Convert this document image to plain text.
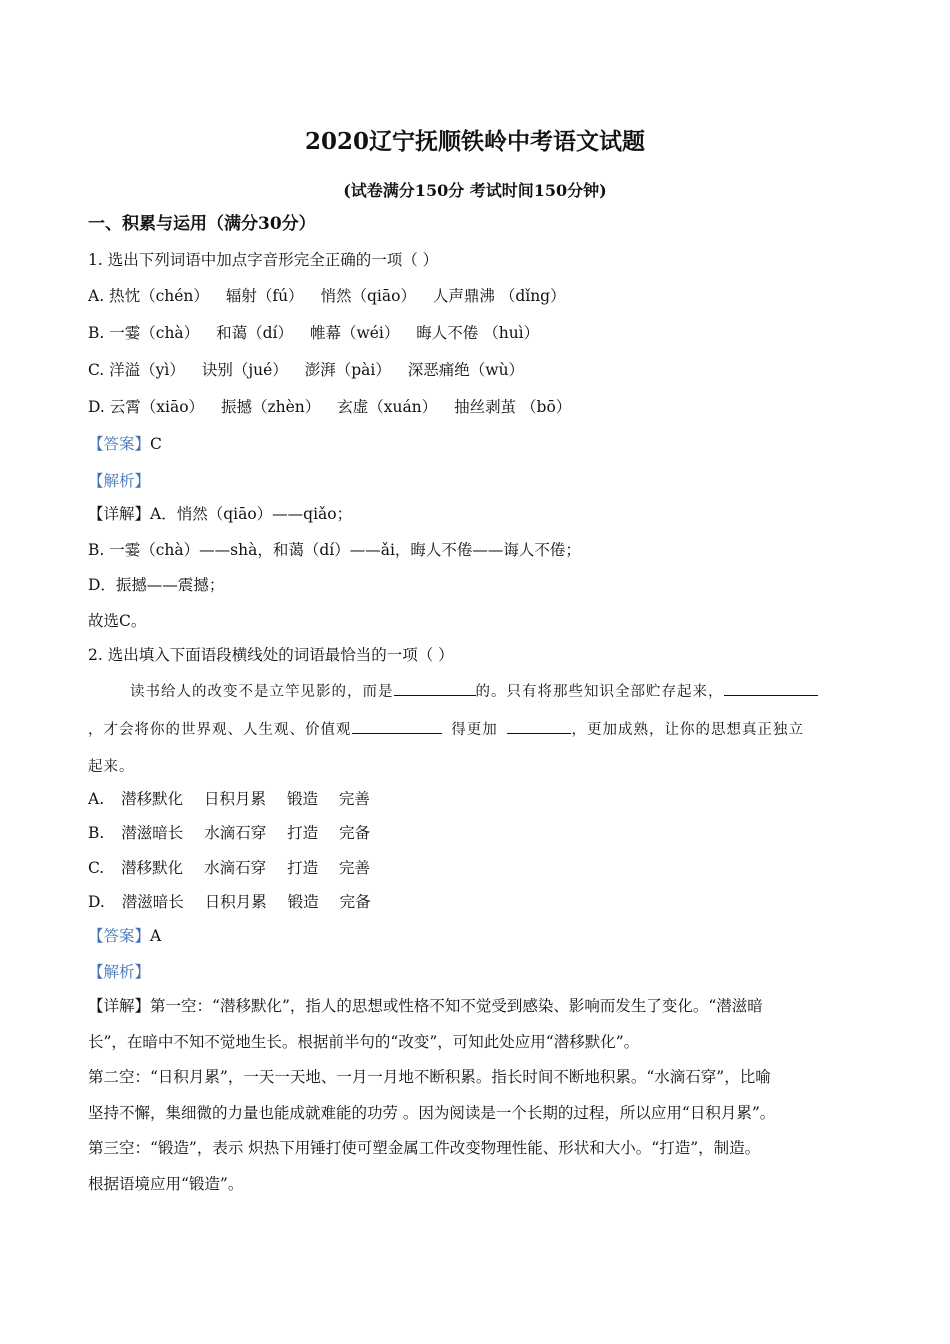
2020辽宁抚顺铁岭中考语文试题
(试卷满分150分 考试时间150分钟)
一、积累与运用（满分30分）
1. 选出下列词语中加点字音形完全正确的一项（ ）
A. 热忱（chén） 辐射（fú） 悄然（qiāo） 人声鼎沸 （dǐng）
B. 一霎（chà） 和蔼（dí） 帷幕（wéi） 晦人不倦 （huì）
C. 洋溢（yì） 诀别（jué） 澎湃（pài） 深恶痛绝（wù）
D. 云霄（xiāo） 振撼（zhèn） 玄虚（xuán） 抽丝剥茧 （bō）
【答案】C
【解析】
【详解】A．悄然（qiāo）——qiǎo；
B. 一霎（chà）——shà，和蔼（dí）——ǎi，晦人不倦——诲人不倦；
D．振撼——震撼；
故选C。
2. 选出填入下面语段横线处的词语最恰当的一项（ ）
读书给人的改变不是立竿见影的，而是	的。只有将那些知识全部贮存起来，
，才会将你的世界观、人生观、价值观	得更加	，更加成熟，让你的思想真正独立
起来。
A. 潜移默化 日积月累 锻造 完善
B. 潜滋暗长 水滴石穿 打造 完备
C. 潜移默化 水滴石穿 打造 完善
D. 潜滋暗长 日积月累 锻造 完备
【答案】A
【解析】
【详解】第一空：“潜移默化”，指人的思想或性格不知不觉受到感染、影响而发生了变化。“潜滋暗
长”，在暗中不知不觉地生长。根据前半句的“改变”，可知此处应用“潜移默化”。
第二空：“日积月累”，一天一天地、一月一月地不断积累。指长时间不断地积累。“水滴石穿”，比喻
坚持不懈，集细微的力量也能成就难能的功劳 。因为阅读是一个长期的过程，所以应用“日积月累”。
第三空：“锻造”，表示 炽热下用锤打使可塑金属工件改变物理性能、形状和大小。“打造”，制造。
根据语境应用“锻造”。
